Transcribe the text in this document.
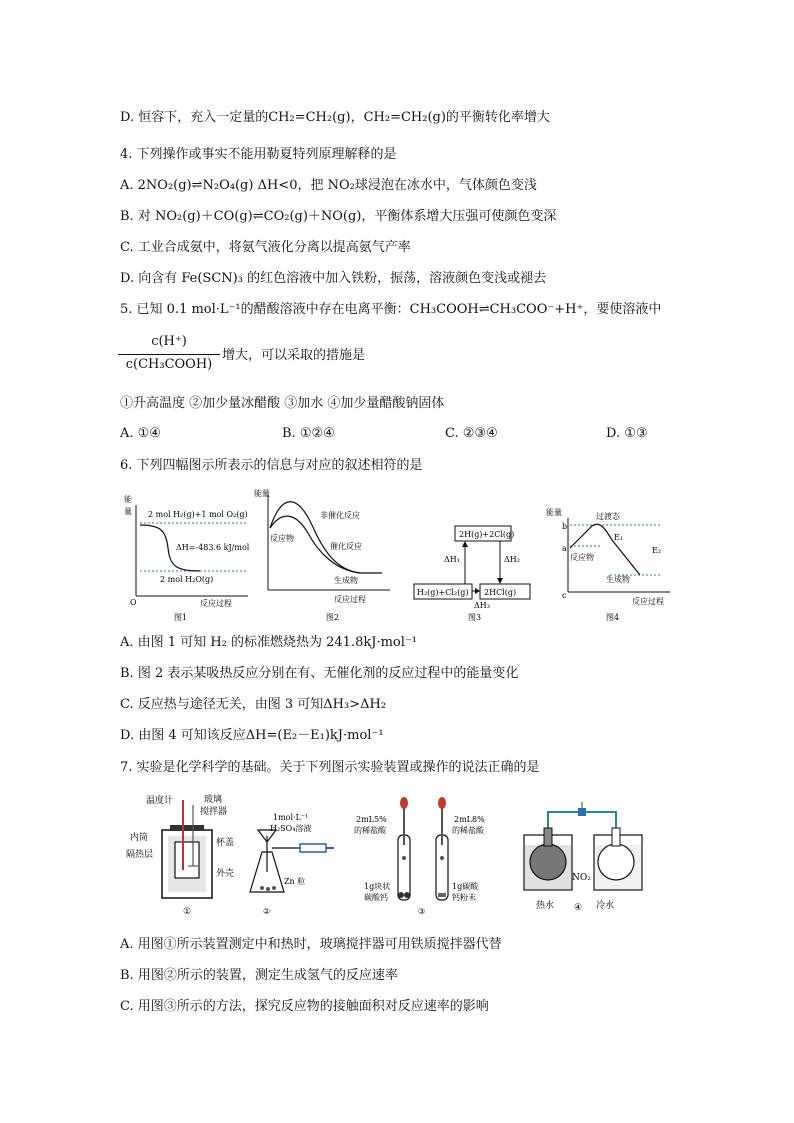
D. 恒容下，充入一定量的CH₂=CH₂(g)，CH₂=CH₂(g)的平衡转化率增大
4. 下列操作或事实不能用勒夏特列原理解释的是
A. 2NO₂(g)⇌N₂O₄(g) ΔH<0，把 NO₂球浸泡在冰水中，气体颜色变浅
B. 对 NO₂(g)＋CO(g)⇌CO₂(g)＋NO(g)，平衡体系增大压强可使颜色变深
C. 工业合成氨中，将氨气液化分离以提高氨气产率
D. 向含有 Fe(SCN)₃ 的红色溶液中加入铁粉，振荡，溶液颜色变浅或褪去
5. 已知 0.1 mol·L⁻¹的醋酸溶液中存在电离平衡：CH₃COOH⇌CH₃COO⁻+H⁺，要使溶液中
c(H⁺)
c(CH₃COOH)
增大，可以采取的措施是
①升高温度 ②加少量冰醋酸 ③加水 ④加少量醋酸钠固体
A. ①④	B. ①②④	C. ②③④	D. ①③
6. 下列四幅图示所表示的信息与对应的叙述相符的是
能
量 2 mol H₂(g)+1 mol O₂(g)
ΔH=-483.6 kJ/mol
2 mol H₂O(g)
O	反应过程
图1
能量
非催化反应
反应物
催化反应
生成物
反应过程
图2
2H(g)+2Cl(g)
H₂(g)+Cl₂(g) 2HCl(g)
ΔH₁	ΔH₂
ΔH₃
图3
能量	过渡态
b
E₁
a
反应物
E₂
生成物
c
反应过程
图4
A. 由图 1 可知 H₂ 的标准燃烧热为 241.8kJ·mol⁻¹
B. 图 2 表示某吸热反应分别在有、无催化剂的反应过程中的能量变化
C. 反应热与途径无关，由图 3 可知ΔH₃>ΔH₂
D. 由图 4 可知该反应ΔH=(E₂－E₁)kJ·mol⁻¹
7. 实验是化学科学的基础。关于下列图示实验装置或操作的说法正确的是
温度计	玻璃
搅拌器
杯盖
内筒
隔热层
外壳
①
1mol·L⁻¹
H₂SO₄溶液
Zn 粒
②
2mL5%
的稀盐酸
2mL8%
的稀盐酸
1g块状
碳酸钙
1g碳酸
钙粉末
③
NO₂
热水	冷水
④
A. 用图①所示装置测定中和热时，玻璃搅拌器可用铁质搅拌器代替
B. 用图②所示的装置，测定生成氢气的反应速率
C. 用图③所示的方法，探究反应物的接触面积对反应速率的影响
